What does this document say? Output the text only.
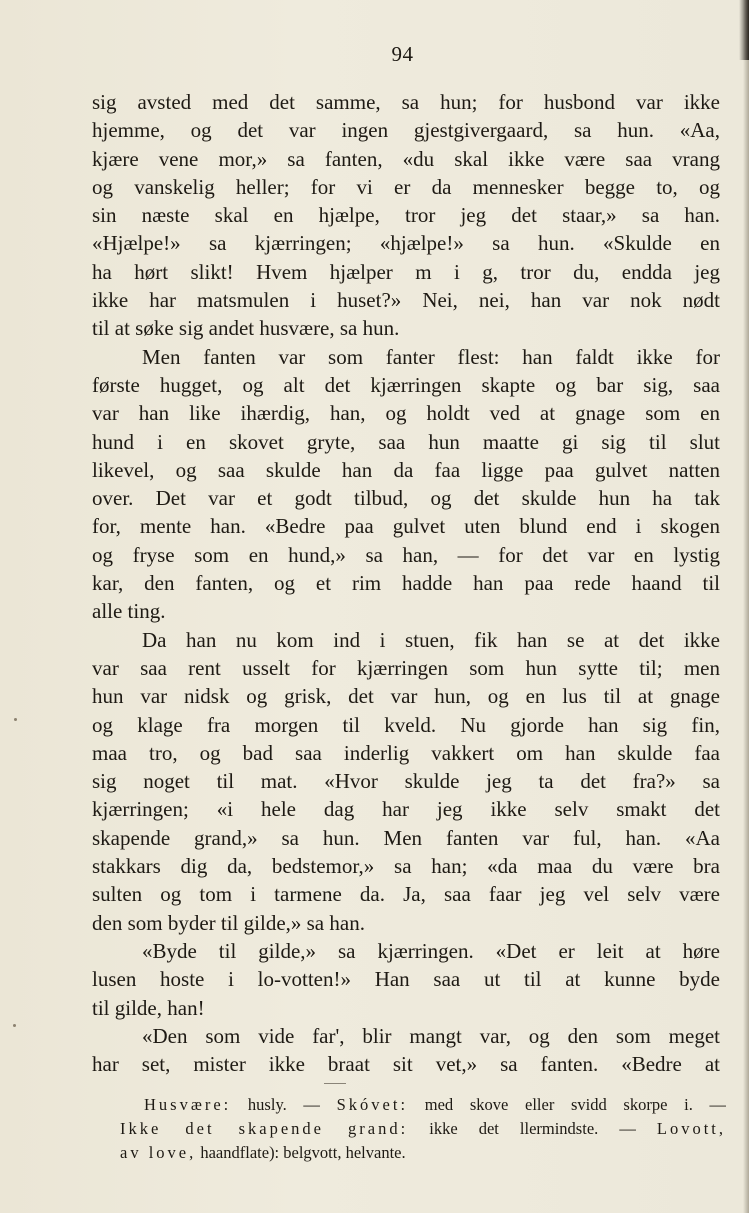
94
sig avsted med det samme, sa hun; for husbond var ikke
hjemme, og det var ingen gjestgivergaard, sa hun. «Aa,
kjære vene mor,» sa fanten, «du skal ikke være saa vrang
og vanskelig heller; for vi er da mennesker begge to, og
sin næste skal en hjælpe, tror jeg det staar,» sa han.
«Hjælpe!» sa kjærringen; «hjælpe!» sa hun. «Skulde en
ha hørt slikt! Hvem hjælper m i g, tror du, endda jeg
ikke har matsmulen i huset?» Nei, nei, han var nok nødt
til at søke sig andet husvære, sa hun.
Men fanten var som fanter flest: han faldt ikke for
første hugget, og alt det kjærringen skapte og bar sig, saa
var han like ihærdig, han, og holdt ved at gnage som en
hund i en skovet gryte, saa hun maatte gi sig til slut
likevel, og saa skulde han da faa ligge paa gulvet natten
over. Det var et godt tilbud, og det skulde hun ha tak
for, mente han. «Bedre paa gulvet uten blund end i skogen
og fryse som en hund,» sa han, — for det var en lystig
kar, den fanten, og et rim hadde han paa rede haand til
alle ting.
Da han nu kom ind i stuen, fik han se at det ikke
var saa rent usselt for kjærringen som hun sytte til; men
hun var nidsk og grisk, det var hun, og en lus til at gnage
og klage fra morgen til kveld. Nu gjorde han sig fin,
maa tro, og bad saa inderlig vakkert om han skulde faa
sig noget til mat. «Hvor skulde jeg ta det fra?» sa
kjærringen; «i hele dag har jeg ikke selv smakt det
skapende grand,» sa hun. Men fanten var ful, han. «Aa
stakkars dig da, bedstemor,» sa han; «da maa du være bra
sulten og tom i tarmene da. Ja, saa faar jeg vel selv være
den som byder til gilde,» sa han.
«Byde til gilde,» sa kjærringen. «Det er leit at høre
lusen hoste i lo-votten!» Han saa ut til at kunne byde
til gilde, han!
«Den som vide far', blir mangt var, og den som meget
har set, mister ikke braat sit vet,» sa fanten. «Bedre at
Husvære: husly. — Skóvet: med skove eller svidd skorpe i. —
Ikke det skapende grand: ikke det llermindste. — Lovott,
av love, haandflate): belgvott, helvante.
